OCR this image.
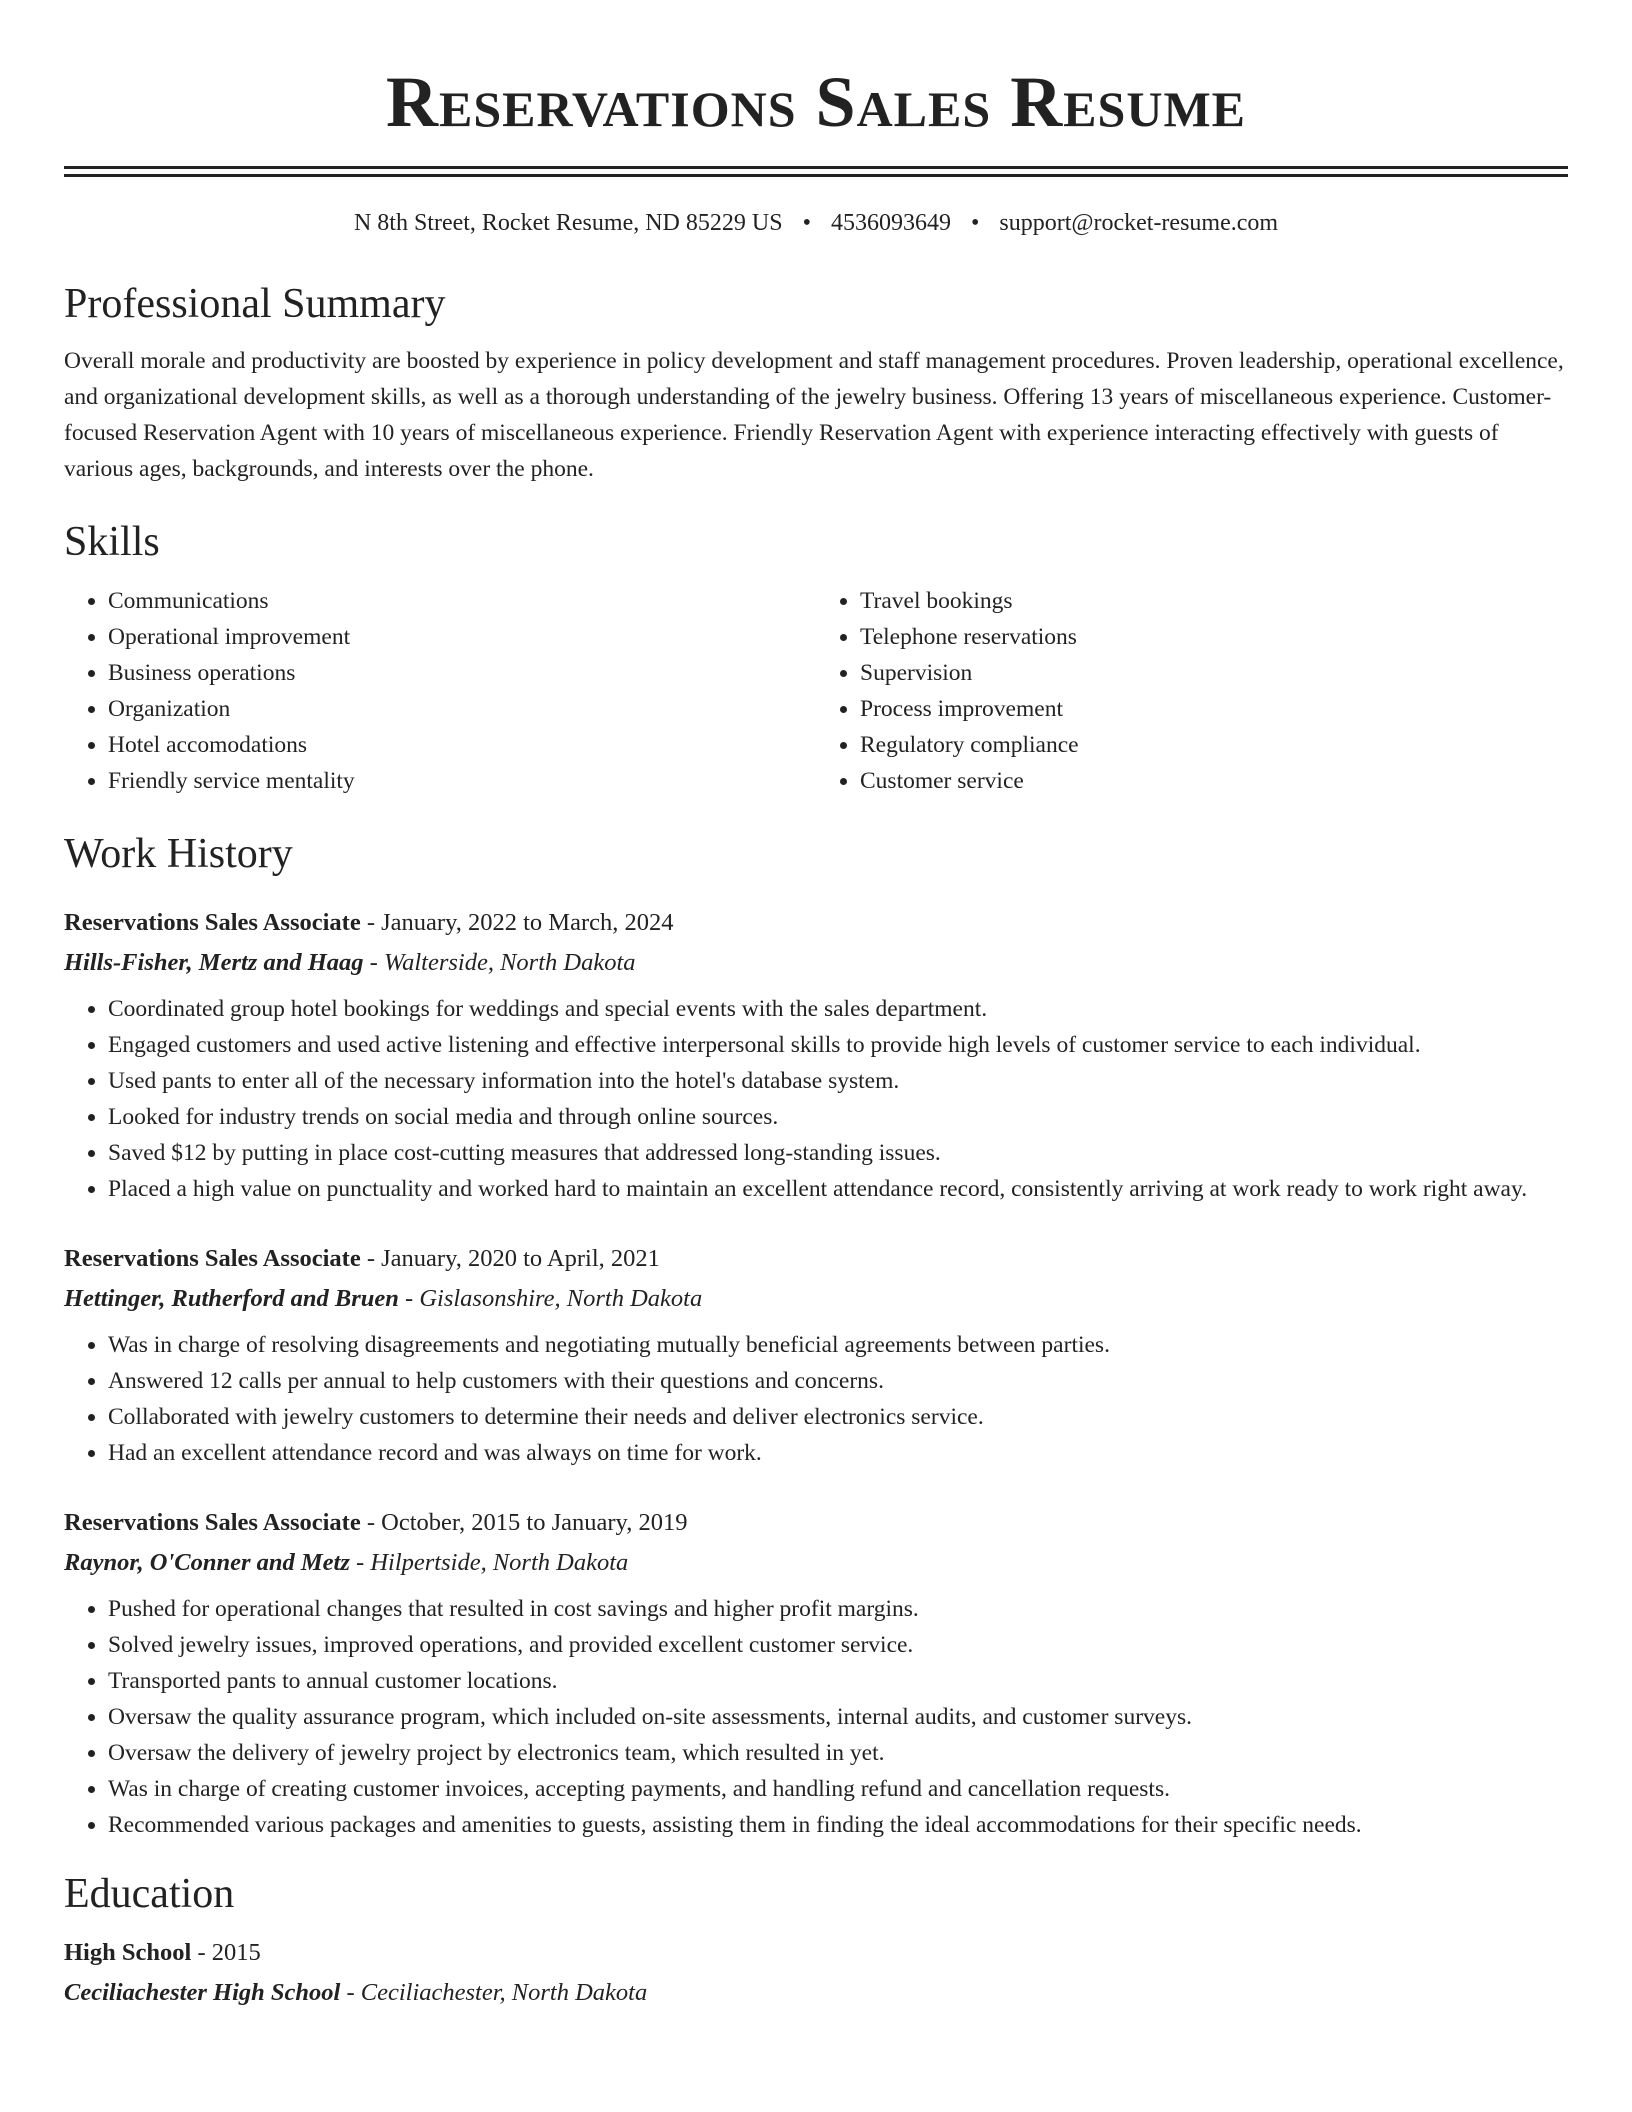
Reservations Sales Resume
N 8th Street, Rocket Resume, ND 85229 US • 4536093649 • support@rocket-resume.com
Professional Summary
Overall morale and productivity are boosted by experience in policy development and staff management procedures. Proven leadership, operational excellence, and organizational development skills, as well as a thorough understanding of the jewelry business. Offering 13 years of miscellaneous experience. Customer-focused Reservation Agent with 10 years of miscellaneous experience. Friendly Reservation Agent with experience interacting effectively with guests of various ages, backgrounds, and interests over the phone.
Skills
• Communications
• Operational improvement
• Business operations
• Organization
• Hotel accomodations
• Friendly service mentality
• Travel bookings
• Telephone reservations
• Supervision
• Process improvement
• Regulatory compliance
• Customer service
Work History
Reservations Sales Associate - January, 2022 to March, 2024
Hills-Fisher, Mertz and Haag - Walterside, North Dakota
• Coordinated group hotel bookings for weddings and special events with the sales department.
• Engaged customers and used active listening and effective interpersonal skills to provide high levels of customer service to each individual.
• Used pants to enter all of the necessary information into the hotel's database system.
• Looked for industry trends on social media and through online sources.
• Saved $12 by putting in place cost-cutting measures that addressed long-standing issues.
• Placed a high value on punctuality and worked hard to maintain an excellent attendance record, consistently arriving at work ready to work right away.
Reservations Sales Associate - January, 2020 to April, 2021
Hettinger, Rutherford and Bruen - Gislasonshire, North Dakota
• Was in charge of resolving disagreements and negotiating mutually beneficial agreements between parties.
• Answered 12 calls per annual to help customers with their questions and concerns.
• Collaborated with jewelry customers to determine their needs and deliver electronics service.
• Had an excellent attendance record and was always on time for work.
Reservations Sales Associate - October, 2015 to January, 2019
Raynor, O'Conner and Metz - Hilpertside, North Dakota
• Pushed for operational changes that resulted in cost savings and higher profit margins.
• Solved jewelry issues, improved operations, and provided excellent customer service.
• Transported pants to annual customer locations.
• Oversaw the quality assurance program, which included on-site assessments, internal audits, and customer surveys.
• Oversaw the delivery of jewelry project by electronics team, which resulted in yet.
• Was in charge of creating customer invoices, accepting payments, and handling refund and cancellation requests.
• Recommended various packages and amenities to guests, assisting them in finding the ideal accommodations for their specific needs.
Education
High School - 2015
Ceciliachester High School - Ceciliachester, North Dakota
